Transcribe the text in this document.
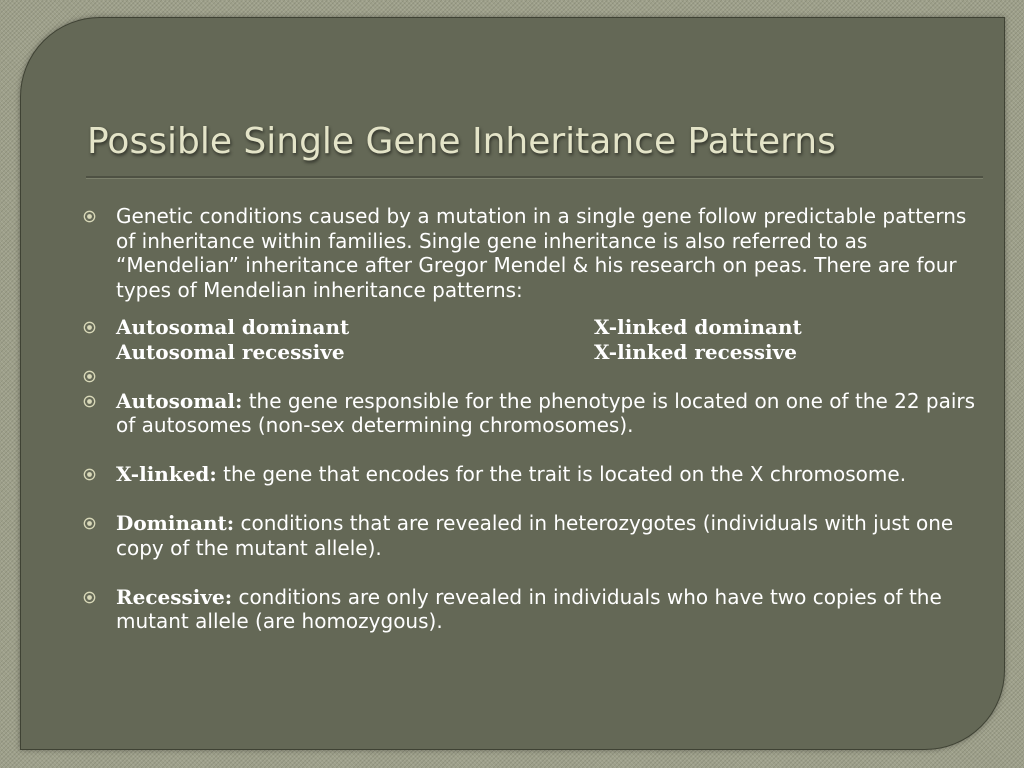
Possible Single Gene Inheritance Patterns
Genetic conditions caused by a mutation in a single gene follow predictable patterns of inheritance within families. Single gene inheritance is also referred to as “Mendelian” inheritance after Gregor Mendel & his research on peas. There are four types of Mendelian inheritance patterns:
Autosomal dominant	X-linked dominant
Autosomal recessive	X-linked recessive
Autosomal: the gene responsible for the phenotype is located on one of the 22 pairs of autosomes (non-sex determining chromosomes).
X-linked: the gene that encodes for the trait is located on the X chromosome.
Dominant: conditions that are revealed in heterozygotes (individuals with just one copy of the mutant allele).
Recessive: conditions are only revealed in individuals who have two copies of the mutant allele (are homozygous).
